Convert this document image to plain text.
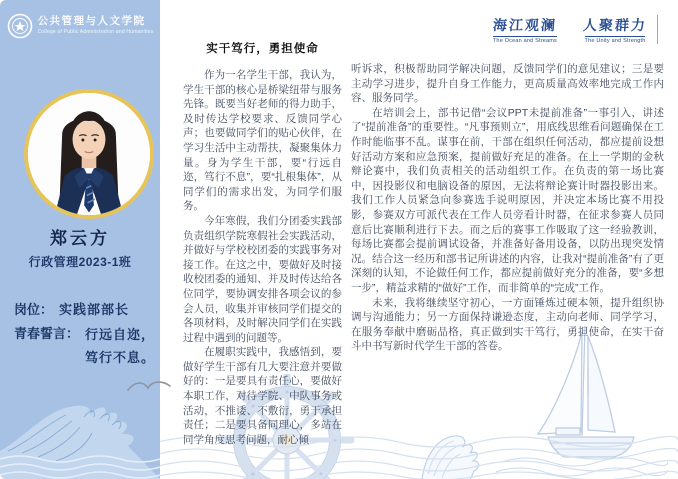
公共管理与人文学院
College of Public Administration and Humanities
郑云方
行政管理2023-1班
岗位： 实践部部长
青春誓言： 行远自迩，
笃行不息。
海江观澜
The Ocean and Streams
人聚群力
The Unity and Strength
实干笃行，勇担使命

作为一名学生干部，我认为，学生干部的核心是桥梁纽带与服务先锋。既要当好老师的得力助手，及时传达学校要求、反馈同学心声；也要做同学们的贴心伙伴，在学习生活中主动帮扶，凝聚集体力量。身为学生干部，要“行远自迩，笃行不息”，要“扎根集体”，从同学们的需求出发，为同学们服务。

今年寒假，我们分团委实践部负责组织学院寒假社会实践活动，并做好与学校校团委的实践事务对接工作。在这之中，要做好及时接收校团委的通知、并及时传达给各位同学，要协调安排各项会议的参会人员，收集并审核同学们提交的各项材料，及时解决同学们在实践过程中遇到的问题等。

在履职实践中，我感悟到，要做好学生干部有几大要注意并要做好的：一是要具有责任心，要做好本职工作，对待学院、中队事务或活动，不推诿、不敷衍，勇于承担责任；二是要具备同理心，多站在同学角度思考问题，耐心倾

听诉求，积极帮助同学解决问题，反馈同学们的意见建议；三是要主动学习进步，提升自身工作能力，更高质量高效率地完成工作内容、服务同学。

在培训会上，部书记借“会议PPT未提前准备”一事引入，讲述了“提前准备”的重要性。“凡事预则立”，用底线思维看问题确保在工作时能临事不乱。谋事在前，干部在组织任何活动，都应提前设想好活动方案和应急预案，提前做好充足的准备。在上一学期的金秋辩论赛中，我们负责相关的活动组织工作。在负责的第一场比赛中，因投影仪和电脑设备的原因，无法将辩论赛计时器投影出来。我们工作人员紧急向参赛选手说明原因，并决定本场比赛不用投影，参赛双方可派代表在工作人员旁看计时器，在征求参赛人员同意后比赛顺利进行下去。而之后的赛事工作吸取了这一经验教训，每场比赛都会提前调试设备，并准备好备用设备，以防出现突发情况。结合这一经历和部书记所讲述的内容，让我对“提前准备”有了更深刻的认知，不论做任何工作，都应提前做好充分的准备，要“多想一步”，精益求精的“做好”工作，而非简单的“完成”工作。

未来，我将继续坚守初心，一方面锤炼过硬本领，提升组织协调与沟通能力；另一方面保持谦逊态度，主动向老师、同学学习，在服务奉献中磨砺品格，真正做到实干笃行，勇担使命，在实干奋斗中书写新时代学生干部的答卷。
